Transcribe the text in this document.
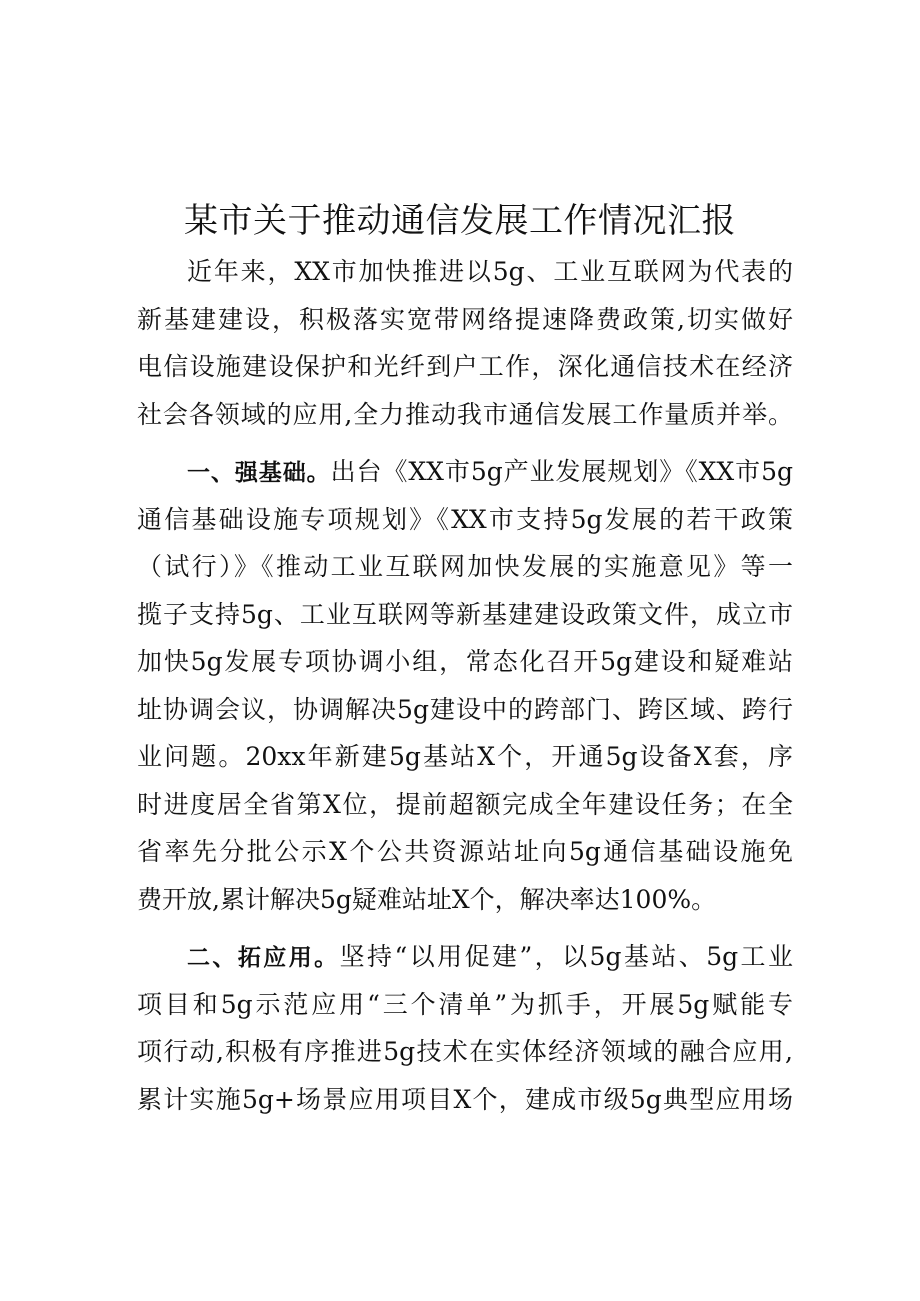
某市关于推动通信发展工作情况汇报
近年来，XX市加快推进以5g、工业互联网为代表的
新基建建设，积极落实宽带网络提速降费政策,切实做好
电信设施建设保护和光纤到户工作，深化通信技术在经济
社会各领域的应用,全力推动我市通信发展工作量质并举。
一、强基础。出台《XX市5g产业发展规划》《XX市5g
通信基础设施专项规划》《XX市支持5g发展的若干政策
（试行）》《推动工业互联网加快发展的实施意见》等一
揽子支持5g、工业互联网等新基建建设政策文件，成立市
加快5g发展专项协调小组，常态化召开5g建设和疑难站
址协调会议，协调解决5g建设中的跨部门、跨区域、跨行
业问题。20xx年新建5g基站X个，开通5g设备X套，序
时进度居全省第X位，提前超额完成全年建设任务；在全
省率先分批公示X个公共资源站址向5g通信基础设施免
费开放,累计解决5g疑难站址X个，解决率达100%。
二、拓应用。坚持“以用促建”，以5g基站、5g工业
项目和5g示范应用“三个清单”为抓手，开展5g赋能专
项行动,积极有序推进5g技术在实体经济领域的融合应用,
累计实施5g+场景应用项目X个，建成市级5g典型应用场
